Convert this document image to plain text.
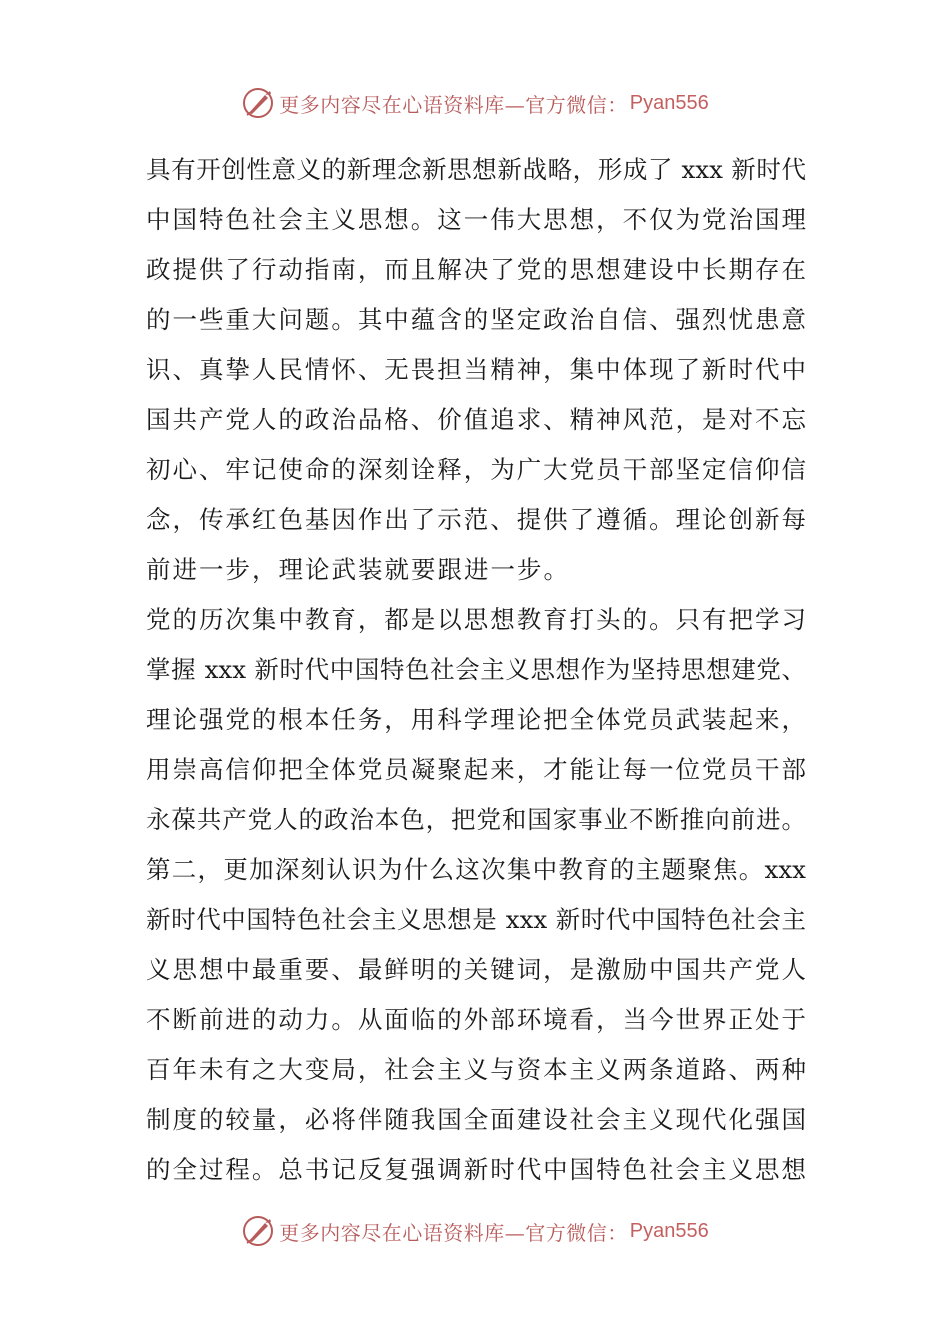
更多内容尽在心语资料库—官方微信： Pyan556
具有开创性意义的新理念新思想新战略，形成了 xxx 新时代
中国特色社会主义思想。这一伟大思想，不仅为党治国理
政提供了行动指南，而且解决了党的思想建设中长期存在
的一些重大问题。其中蕴含的坚定政治自信、强烈忧患意
识、真挚人民情怀、无畏担当精神，集中体现了新时代中
国共产党人的政治品格、价值追求、精神风范，是对不忘
初心、牢记使命的深刻诠释，为广大党员干部坚定信仰信
念，传承红色基因作出了示范、提供了遵循。理论创新每
前进一步，理论武装就要跟进一步。
党的历次集中教育，都是以思想教育打头的。只有把学习
掌握 xxx 新时代中国特色社会主义思想作为坚持思想建党、
理论强党的根本任务，用科学理论把全体党员武装起来，
用崇高信仰把全体党员凝聚起来，才能让每一位党员干部
永葆共产党人的政治本色，把党和国家事业不断推向前进。
第二，更加深刻认识为什么这次集中教育的主题聚焦。xxx
新时代中国特色社会主义思想是 xxx 新时代中国特色社会主
义思想中最重要、最鲜明的关键词，是激励中国共产党人
不断前进的动力。从面临的外部环境看，当今世界正处于
百年未有之大变局，社会主义与资本主义两条道路、两种
制度的较量，必将伴随我国全面建设社会主义现代化强国
的全过程。总书记反复强调新时代中国特色社会主义思想
更多内容尽在心语资料库—官方微信： Pyan556
